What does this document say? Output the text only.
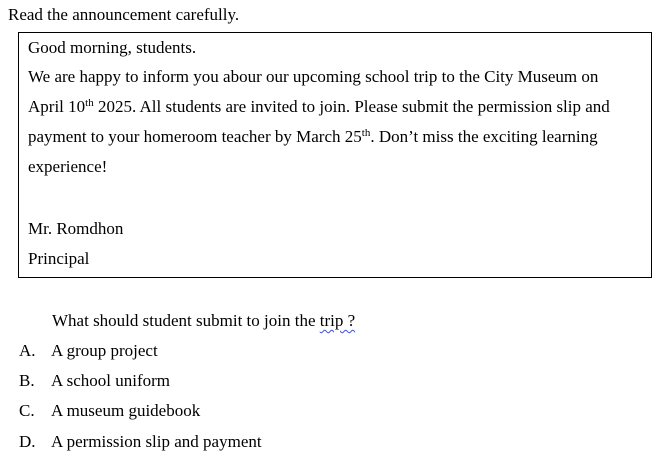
Read the announcement carefully.
Good morning, students.
We are happy to inform you abour our upcoming school trip to the City Museum on
April 10th 2025. All students are invited to join. Please submit the permission slip and
payment to your homeroom teacher by March 25th. Don’t miss the exciting learning
experience!
Mr. Romdhon
Principal
What should student submit to join the trip ?
A. A group project
B. A school uniform
C. A museum guidebook
D. A permission slip and payment
